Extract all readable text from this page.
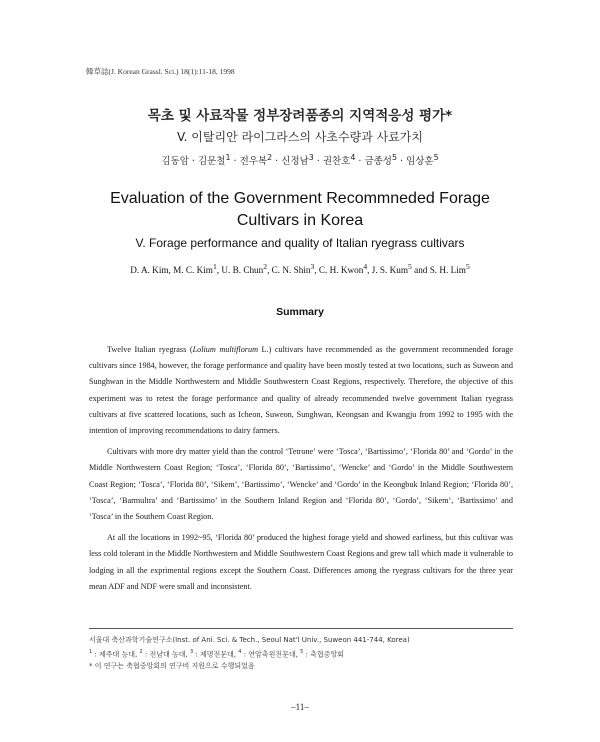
韓草誌(J. Korean Grassl. Sci.) 18(1):11-18, 1998
목초 및 사료작물 정부장려품종의 지역적응성 평가*
V. 이탈리안 라이그라스의 사초수량과 사료가치
김동암 · 김문철$^1$ · 전우복$^2$ · 신정남$^3$ · 권찬호$^4$ · 금종성$^5$ · 임상훈$^5$
Evaluation of the Government Recommneded Forage Cultivars in Korea
V. Forage performance and quality of Italian ryegrass cultivars
D. A. Kim, M. C. Kim$^1$, U. B. Chun$^2$, C. N. Shin$^3$, C. H. Kwon$^4$, J. S. Kum$^5$ and S. H. Lim$^5$
Summary

Twelve Italian ryegrass (Lolium multiflorum L.) cultivars have recommended as the government recommended forage cultivars since 1984, however, the forage performance and quality have been mostly tested at two locations, such as Suweon and Sunghwan in the Middle Northwestern and Middle Southwestern Coast Regions, respectively. Therefore, the objective of this experiment was to retest the forage performance and quality of already recommended twelve government Italian ryegrass cultivars at five scattered locations, such as Icheon, Suweon, Sunghwan, Keongsan and Kwangju from 1992 to 1995 with the intention of improving recommendations to dairy farmers.

Cultivars with more dry matter yield than the control ‘Tetrone’ were ‘Tosca’, ‘Bartissimo’, ‘Florida 80’ and ‘Gordo’ in the Middle Northwestern Coast Region; ‘Tosca’, ‘Florida 80’, ‘Bartissimo’, ‘Wencke’ and ‘Gordo’ in the Middle Southwestern Coast Region; ‘Tosca’, ‘Florida 80’, ‘Sikem’, ‘Bartissimo’, ‘Wencke’ and ‘Gordo’ in the Keongbuk Inland Region; ‘Florida 80’, ‘Tosca’, ‘Barmultra’ and ‘Bartissimo’ in the Southern Inland Region and ‘Florida 80’, ‘Gordo’, ‘Sikem’, ‘Bartissimo’ and ‘Tosca’ in the Southern Coast Region.

At all the locations in 1992~95, ‘Florida 80’ produced the highest forage yield and showed earliness, but this cultivar was less cold tolerant in the Middle Northwestern and Middle Southwestern Coast Regions and grew tall which made it vulnerable to lodging in all the exprimental regions except the Southern Coast. Differences among the ryegrass cultivars for the three year mean ADF and NDF were small and inconsistent.

서울대 축산과학기술연구소(Inst. of Ani. Sci. & Tech., Seoul Nat'l Univ., Suweon 441-744, Korea)
$^1$ : 제주대 농대, $^2$ : 전남대 농대, $^3$ : 제명전문대, $^4$ : 연암축원전문대, $^5$ : 축협중앙회
* 이 연구는 축협중앙회의 연구비 지원으로 수행되었음
–11–
